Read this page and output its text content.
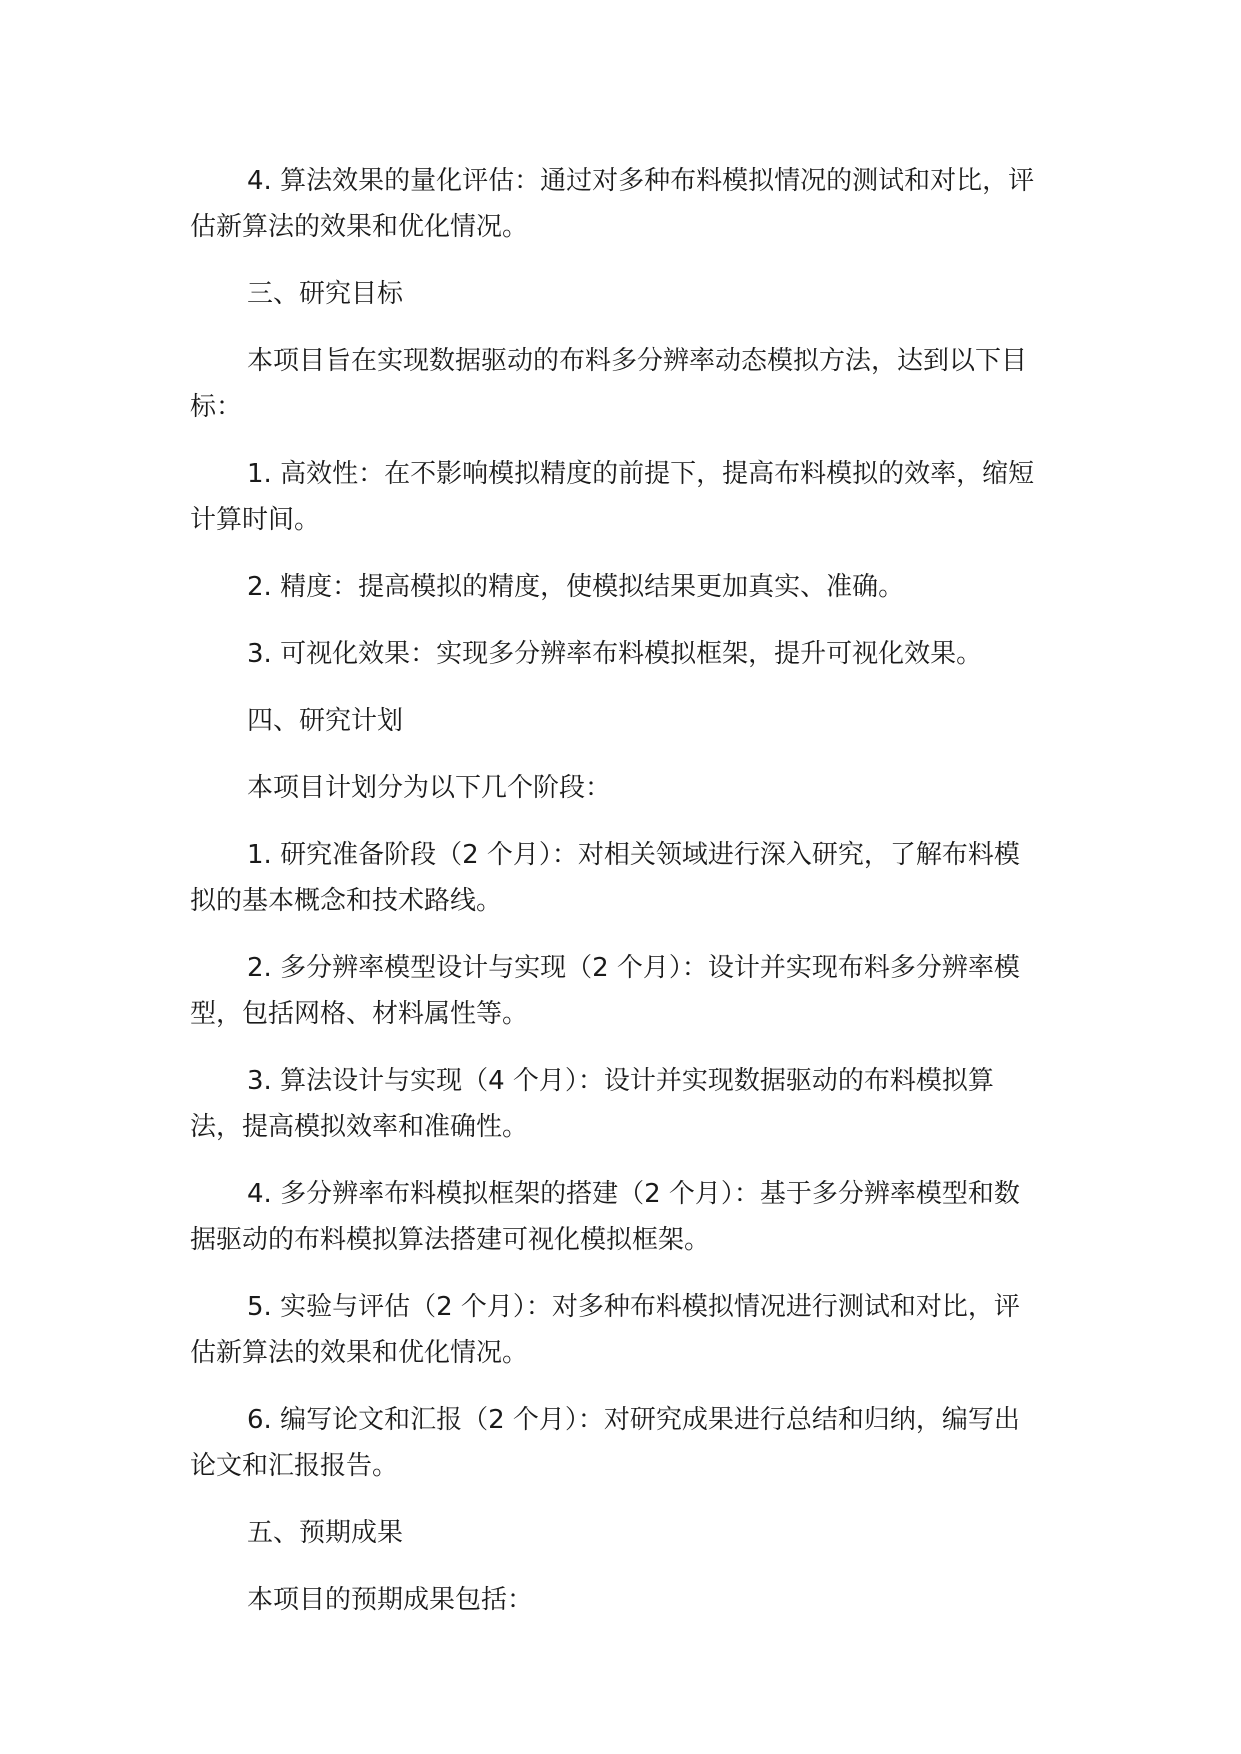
4. 算法效果的量化评估：通过对多种布料模拟情况的测试和对比，评估新算法的效果和优化情况。

三、研究目标

本项目旨在实现数据驱动的布料多分辨率动态模拟方法，达到以下目标：

1. 高效性：在不影响模拟精度的前提下，提高布料模拟的效率，缩短计算时间。

2. 精度：提高模拟的精度，使模拟结果更加真实、准确。

3. 可视化效果：实现多分辨率布料模拟框架，提升可视化效果。

四、研究计划

本项目计划分为以下几个阶段：

1. 研究准备阶段（2 个月）：对相关领域进行深入研究，了解布料模拟的基本概念和技术路线。

2. 多分辨率模型设计与实现（2 个月）：设计并实现布料多分辨率模型，包括网格、材料属性等。

3. 算法设计与实现（4 个月）：设计并实现数据驱动的布料模拟算法，提高模拟效率和准确性。

4. 多分辨率布料模拟框架的搭建（2 个月）：基于多分辨率模型和数据驱动的布料模拟算法搭建可视化模拟框架。

5. 实验与评估（2 个月）：对多种布料模拟情况进行测试和对比，评估新算法的效果和优化情况。

6. 编写论文和汇报（2 个月）：对研究成果进行总结和归纳，编写出论文和汇报报告。

五、预期成果

本项目的预期成果包括：
